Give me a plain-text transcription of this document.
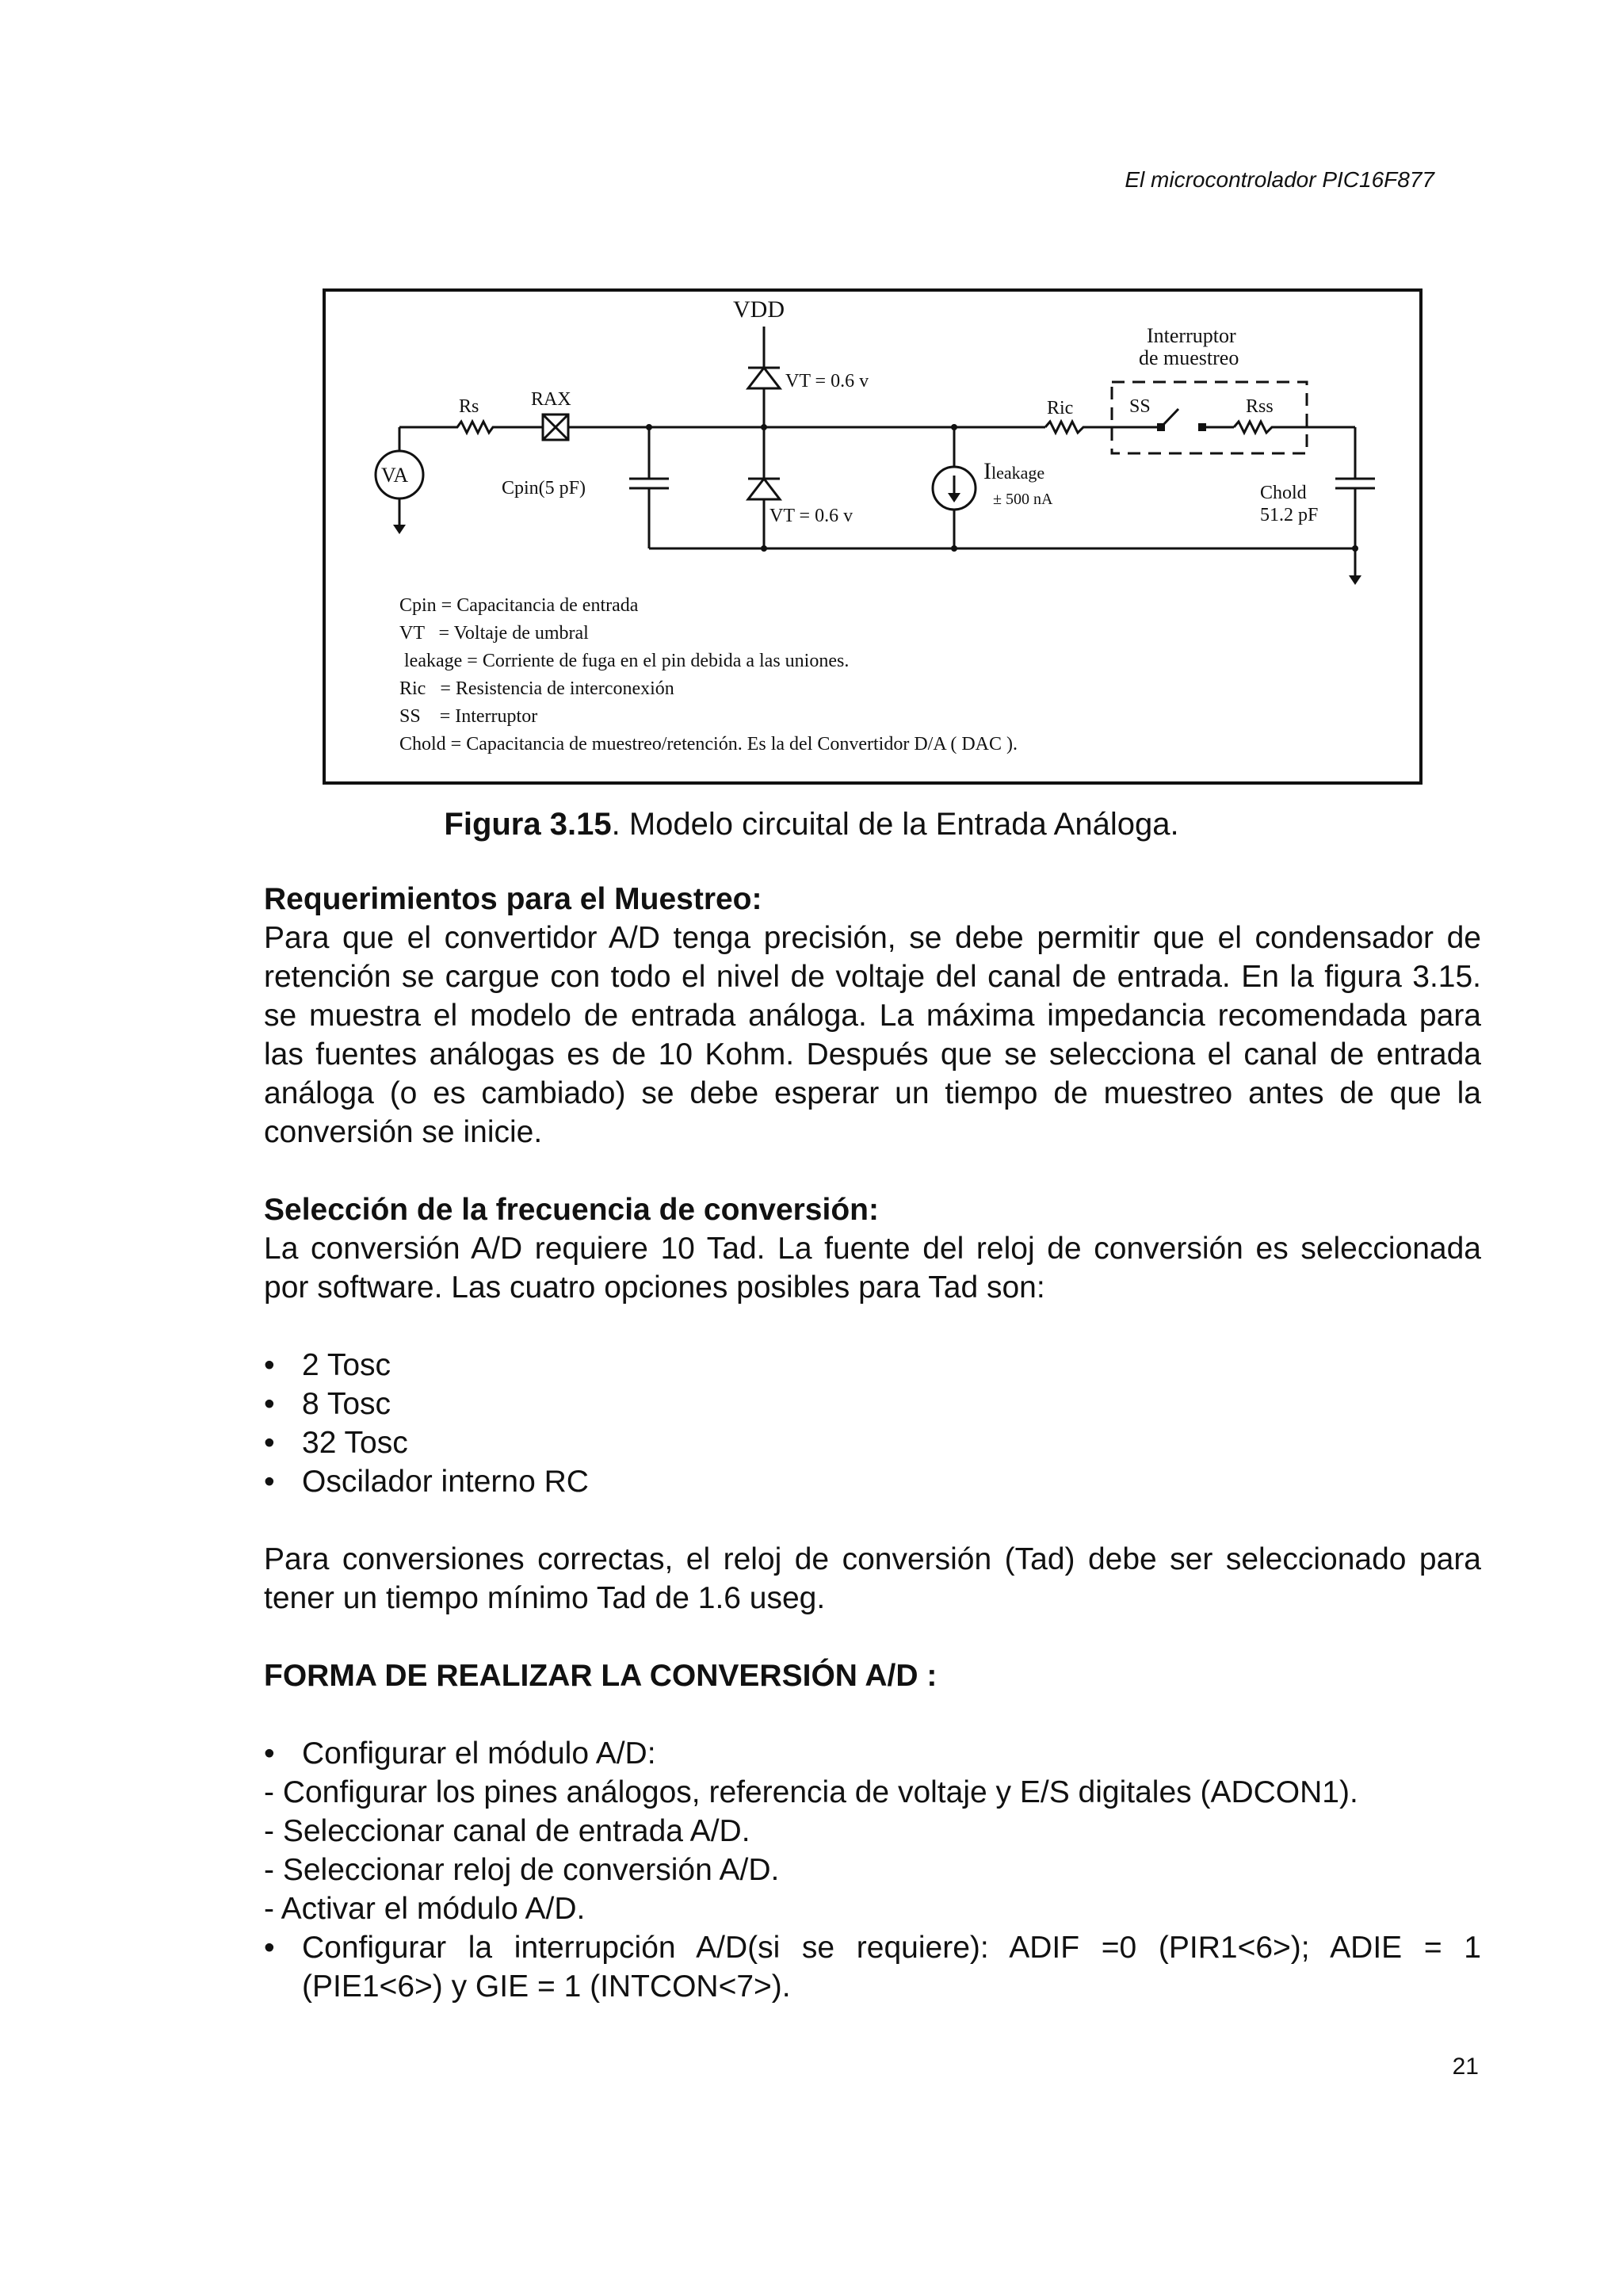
El microcontrolador PIC16F877
VDD
VT = 0.6 v
VT = 0.6 v
Interruptor
de muestreo
Rs	RAX	Ric	SS	Rss
VA
Cpin(5 pF)
Ileakage
± 500 nA	Chold
51.2 pF
Cpin = Capacitancia de entrada
VT   = Voltaje de umbral
leakage = Corriente de fuga en el pin debida a las uniones.
Ric   = Resistencia de interconexión
SS    = Interruptor
Chold = Capacitancia de muestreo/retención. Es la del Convertidor D/A ( DAC ).
Figura 3.15. Modelo circuital de la Entrada Análoga.

Requerimientos para el Muestreo:

Para que el convertidor A/D tenga precisión, se debe permitir que el condensador de retención se cargue con todo el nivel de voltaje del canal de entrada. En la figura 3.15. se muestra el modelo de entrada análoga. La máxima impedancia recomendada para las fuentes análogas es de 10 Kohm. Después que se selecciona el canal de entrada análoga (o es cambiado) se debe esperar un tiempo de muestreo antes de que la conversión se inicie.

Selección de la frecuencia de conversión:

La conversión A/D requiere 10 Tad. La fuente del reloj de conversión es seleccionada por software. Las cuatro opciones posibles para Tad son:

• 2 Tosc
• 8 Tosc
• 32 Tosc
• Oscilador interno RC

Para conversiones correctas, el reloj de conversión (Tad) debe ser seleccionado para tener un tiempo mínimo Tad de 1.6 useg.

FORMA DE REALIZAR LA CONVERSIÓN A/D :

• Configurar el módulo A/D:

- Configurar los pines análogos, referencia de voltaje y E/S digitales (ADCON1).

- Seleccionar canal de entrada A/D.

- Seleccionar reloj de conversión A/D.

- Activar el módulo A/D.

• Configurar la interrupción A/D(si se requiere): ADIF =0 (PIR1<6>); ADIE = 1 (PIE1<6>) y GIE = 1 (INTCON<7>).
21
